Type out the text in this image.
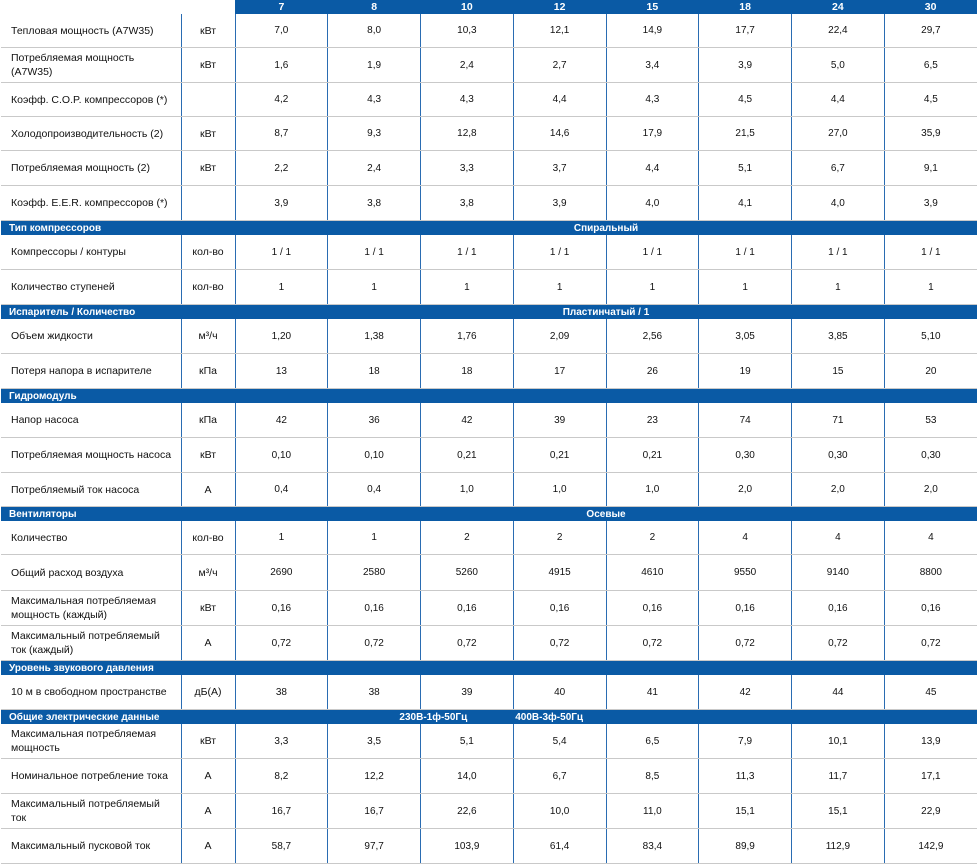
		7	8	10	12	15	18	24	30
Тепловая мощность (A7W35)	кВт	7,0	8,0	10,3	12,1	14,9	17,7	22,4	29,7
Потребляемая мощность (A7W35)	кВт	1,6	1,9	2,4	2,7	3,4	3,9	5,0	6,5
Коэфф. C.O.P. компрессоров (*)		4,2	4,3	4,3	4,4	4,3	4,5	4,4	4,5
Холодопроизводительность (2)	кВт	8,7	9,3	12,8	14,6	17,9	21,5	27,0	35,9
Потребляемая мощность (2)	кВт	2,2	2,4	3,3	3,7	4,4	5,1	6,7	9,1
Коэфф. E.E.R. компрессоров (*)		3,9	3,8	3,8	3,9	4,0	4,1	4,0	3,9
Тип компрессоров		Спиральный							
Компрессоры / контуры	кол-во	1 / 1	1 / 1	1 / 1	1 / 1	1 / 1	1 / 1	1 / 1	1 / 1
Количество ступеней	кол-во	1	1	1	1	1	1	1	1
Испаритель / Количество		Пластинчатый / 1							
Объем жидкости	м³/ч	1,20	1,38	1,76	2,09	2,56	3,05	3,85	5,10
Потеря напора в испарителе	кПа	13	18	18	17	26	19	15	20
Гидромодуль									
Напор насоса	кПа	42	36	42	39	23	74	71	53
Потребляемая мощность насоса	кВт	0,10	0,10	0,21	0,21	0,21	0,30	0,30	0,30
Потребляемый ток насоса	А	0,4	0,4	1,0	1,0	1,0	2,0	2,0	2,0
Вентиляторы		Осевые							
Количество	кол-во	1	1	2	2	2	4	4	4
Общий расход воздуха	м³/ч	2690	2580	5260	4915	4610	9550	9140	8800
Максимальная потребляемая мощность (каждый)	кВт	0,16	0,16	0,16	0,16	0,16	0,16	0,16	0,16
Максимальный потребляемый ток (каждый)	А	0,72	0,72	0,72	0,72	0,72	0,72	0,72	0,72
Уровень звукового давления									
10 м в свободном пространстве	дБ(А)	38	38	39	40	41	42	44	45
Общие электрические данные		230В-1ф-50Гц			400В-3ф-50Гц				
Максимальная потребляемая мощность	кВт	3,3	3,5	5,1	5,4	6,5	7,9	10,1	13,9
Номинальное потребление тока	А	8,2	12,2	14,0	6,7	8,5	11,3	11,7	17,1
Максимальный потребляемый ток	А	16,7	16,7	22,6	10,0	11,0	15,1	15,1	22,9
Максимальный пусковой ток	А	58,7	97,7	103,9	61,4	83,4	89,9	112,9	142,9
